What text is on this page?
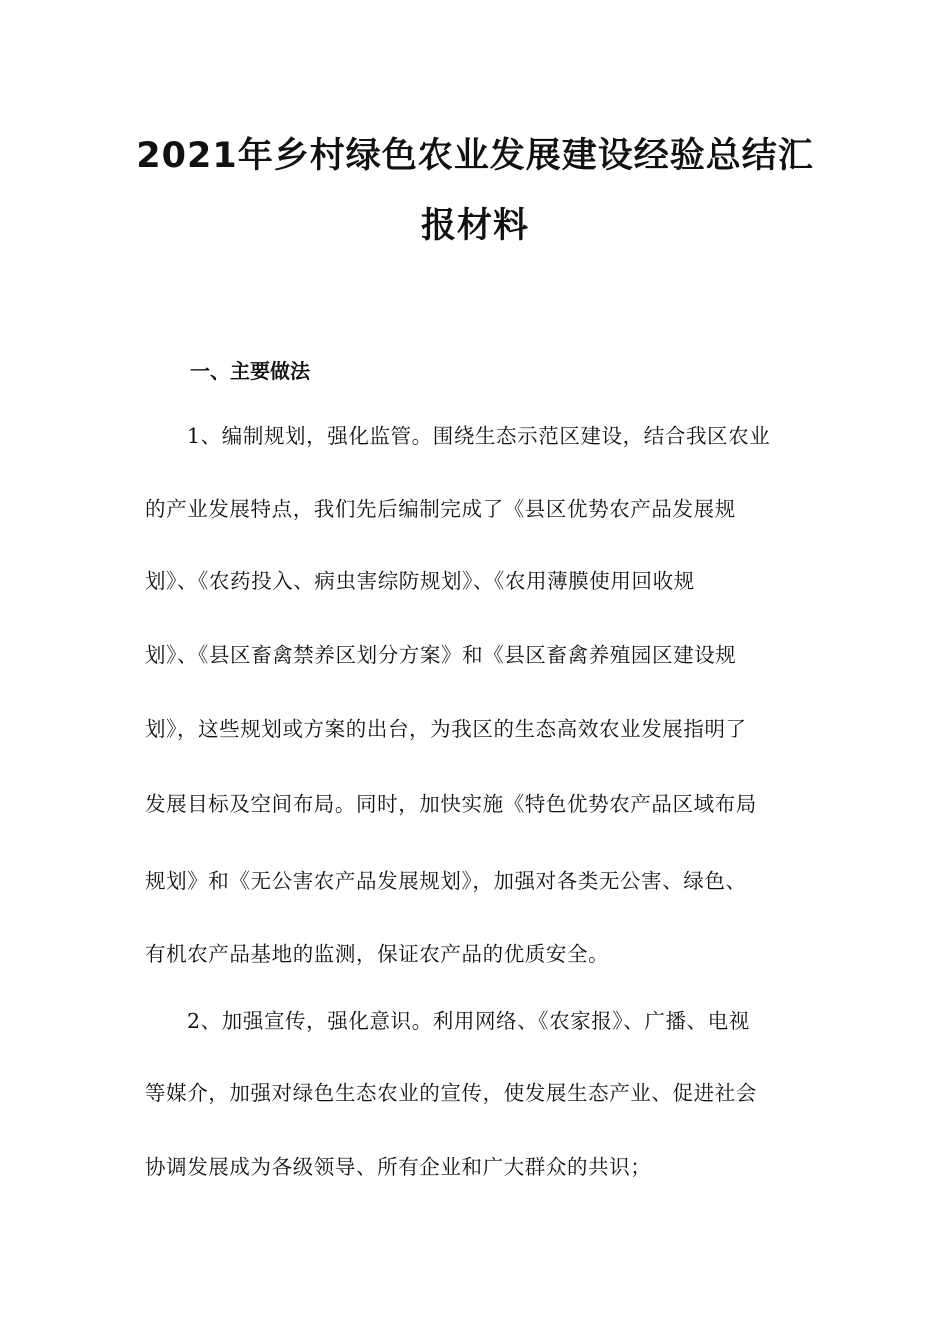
2021年乡村绿色农业发展建设经验总结汇
报材料
一、主要做法
1、编制规划，强化监管。围绕生态示范区建设，结合我区农业
的产业发展特点，我们先后编制完成了《县区优势农产品发展规
划》、《农药投入、病虫害综防规划》、《农用薄膜使用回收规
划》、《县区畜禽禁养区划分方案》和《县区畜禽养殖园区建设规
划》，这些规划或方案的出台，为我区的生态高效农业发展指明了
发展目标及空间布局。同时，加快实施《特色优势农产品区域布局
规划》和《无公害农产品发展规划》，加强对各类无公害、绿色、
有机农产品基地的监测，保证农产品的优质安全。
2、加强宣传，强化意识。利用网络、《农家报》、广播、电视
等媒介，加强对绿色生态农业的宣传，使发展生态产业、促进社会
协调发展成为各级领导、所有企业和广大群众的共识；
